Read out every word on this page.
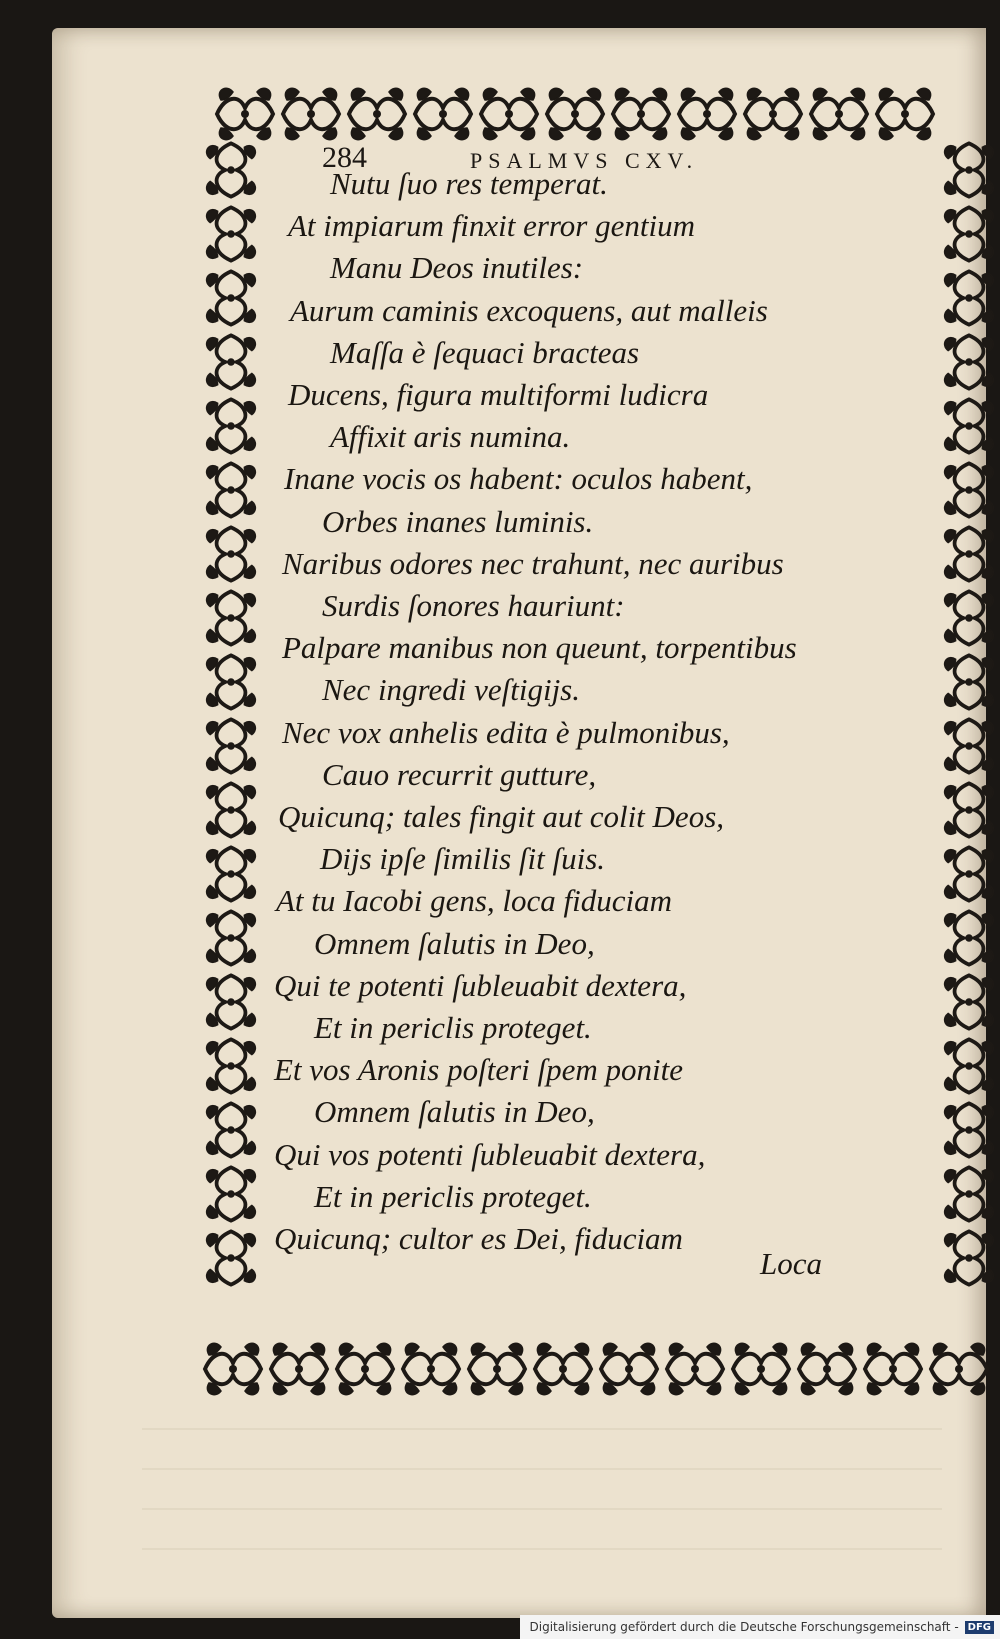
284	PSALMVS CXV.
Nutu ſuo res temperat.
At impiarum finxit error gentium
Manu Deos inutiles:
Aurum caminis excoquens, aut malleis
Maſſa è ſequaci bracteas
Ducens, figura multiformi ludicra
Affixit aris numina.
Inane vocis os habent: oculos habent,
Orbes inanes luminis.
Naribus odores nec trahunt, nec auribus
Surdis ſonores hauriunt:
Palpare manibus non queunt, torpentibus
Nec ingredi veſtigijs.
Nec vox anhelis edita è pulmonibus,
Cauo recurrit gutture,
Quicunq; tales fingit aut colit Deos,
Dijs ipſe ſimilis ſit ſuis.
At tu Iacobi gens, loca fiduciam
Omnem ſalutis in Deo,
Qui te potenti ſubleuabit dextera,
Et in periclis proteget.
Et vos Aronis poſteri ſpem ponite
Omnem ſalutis in Deo,
Qui vos potenti ſubleuabit dextera,
Et in periclis proteget.
Quicunq; cultor es Dei, fiduciam
Loca
Digitalisierung gefördert durch die Deutsche Forschungsgemeinschaft - DFG
